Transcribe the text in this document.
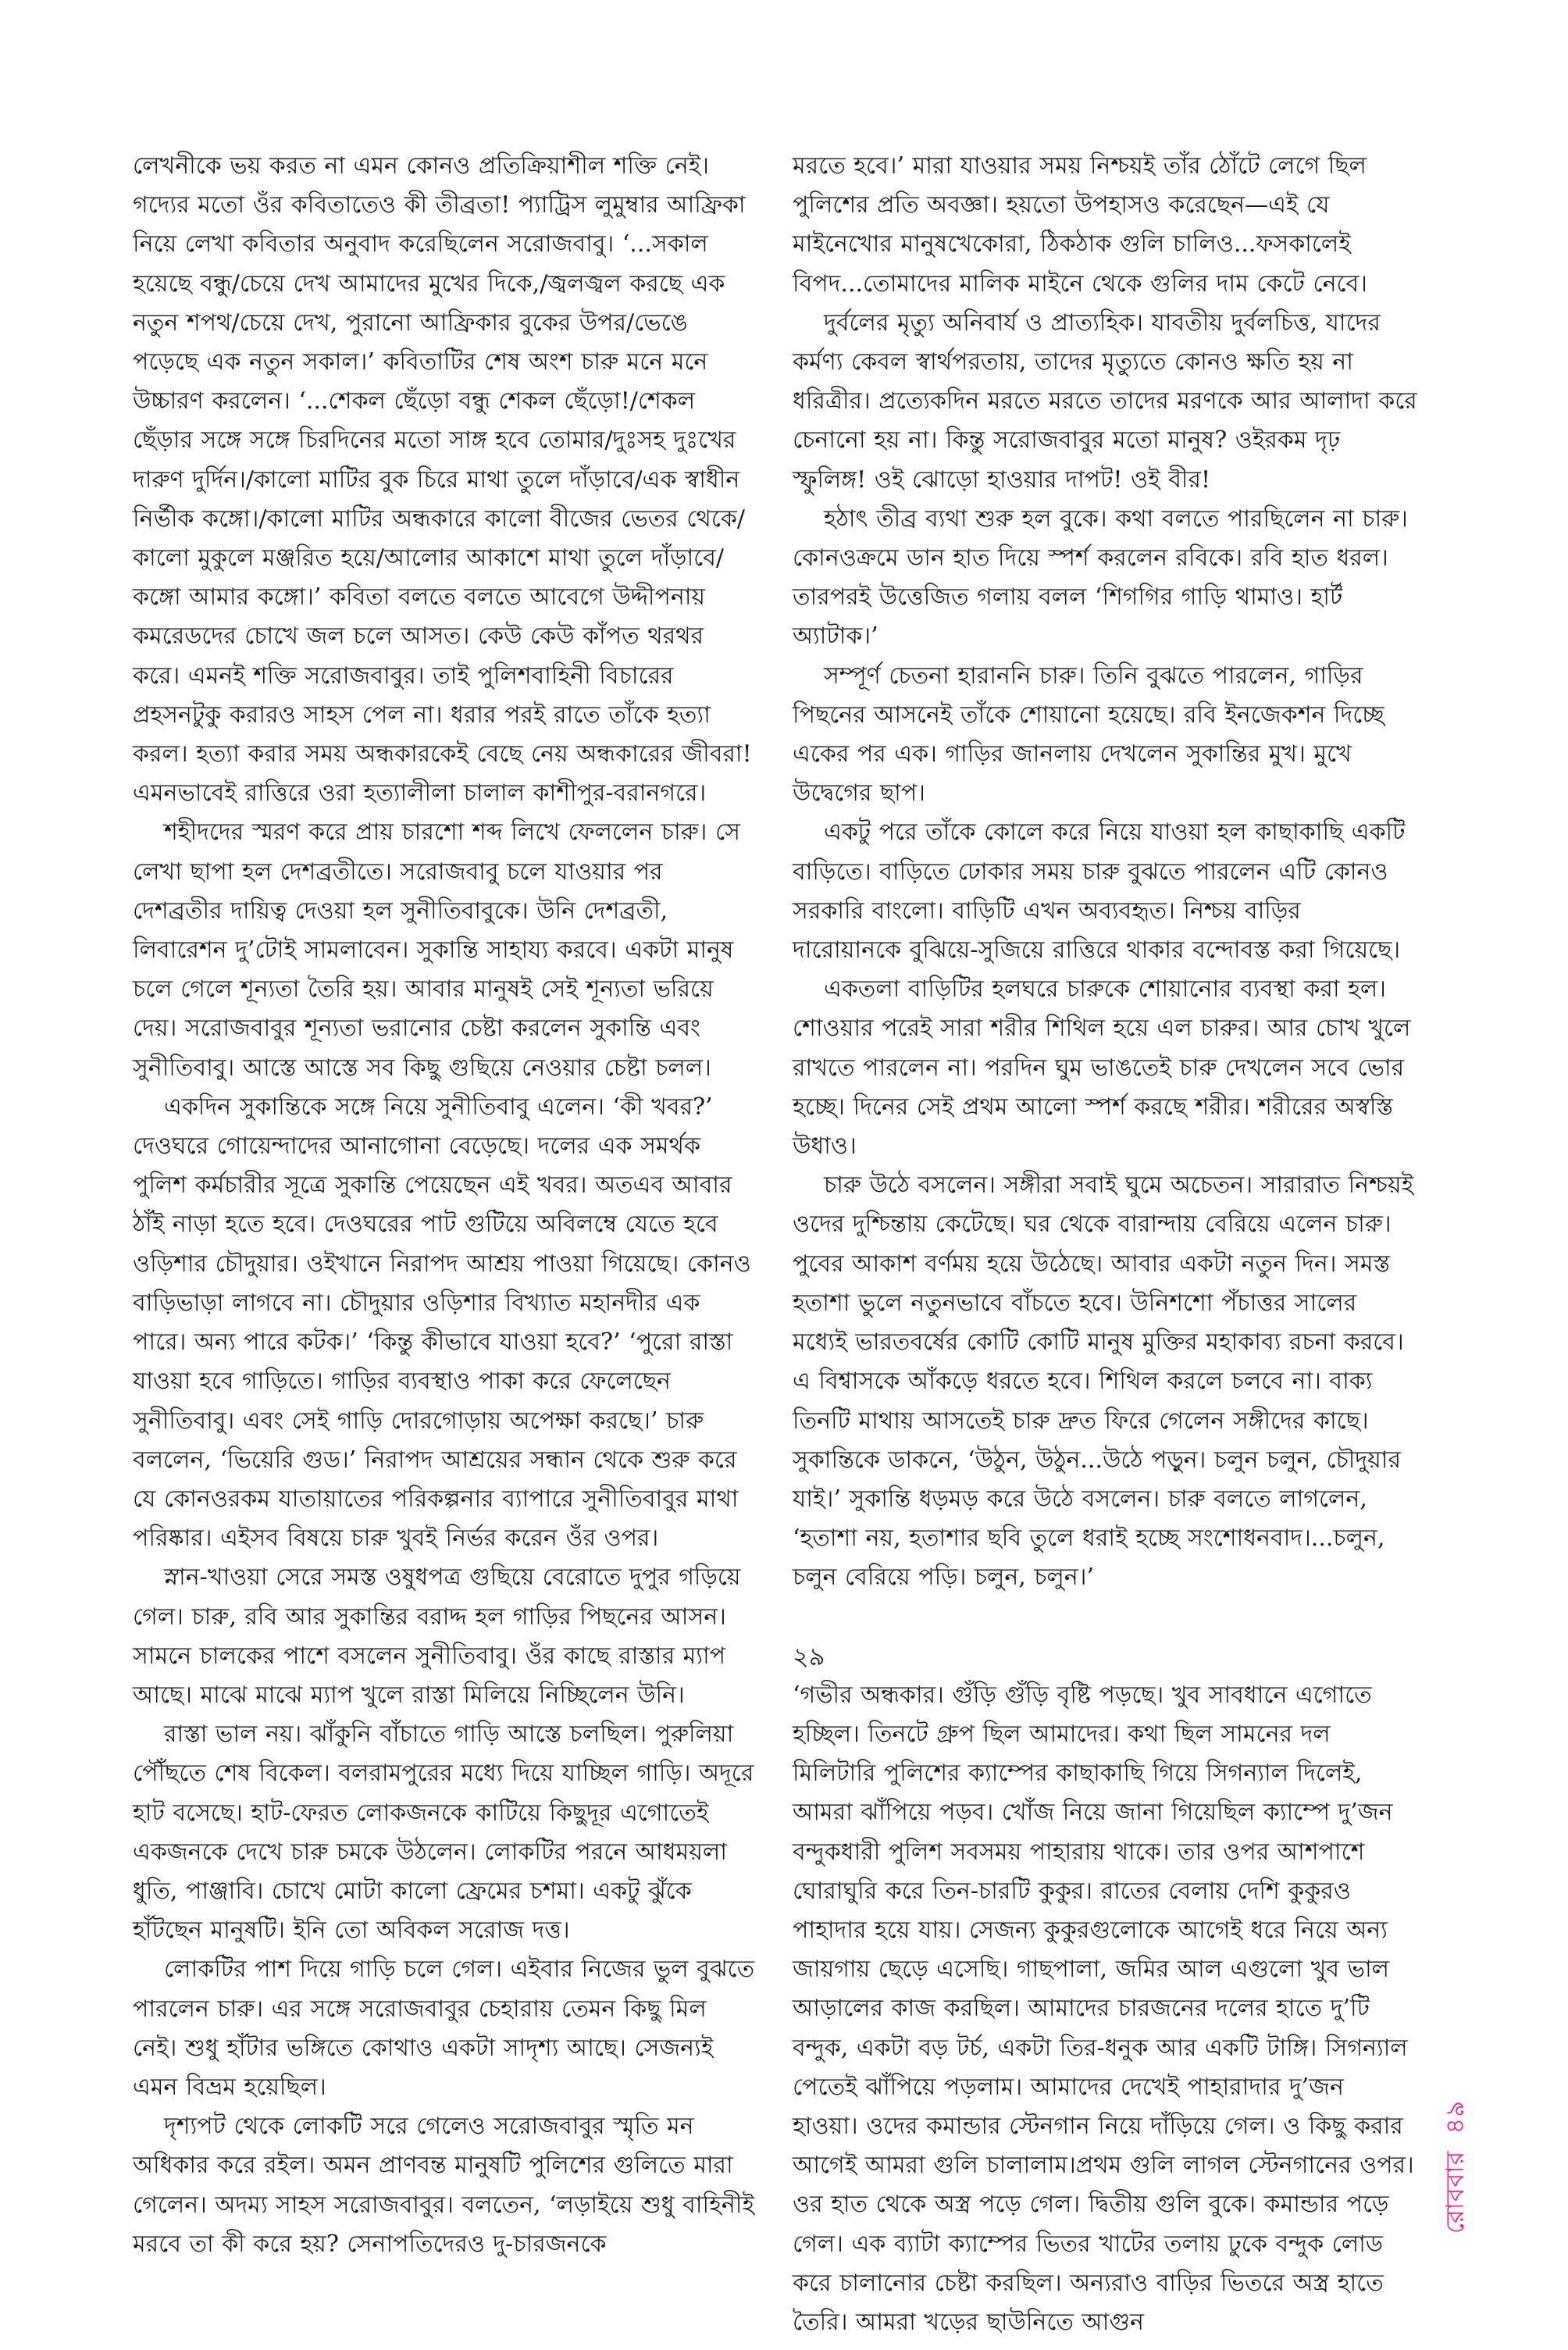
লেখনীকে ভয় করত না এমন কোনও প্রতিক্রিয়াশীল শক্তি নেই। গদ্যের মতো ওঁর কবিতাতেও কী তীব্রতা! প্যাট্রিস লুমুম্বার আফ্রিকা নিয়ে লেখা কবিতার অনুবাদ করেছিলেন সরোজবাবু। ‘...সকাল হয়েছে বন্ধু/চেয়ে দেখ আমাদের মুখের দিকে,/জ্বলজ্বল করছে এক নতুন শপথ/চেয়ে দেখ, পুরানো আফ্রিকার বুকের উপর/ভেঙে পড়েছে এক নতুন সকাল।’ কবিতাটির শেষ অংশ চারু মনে মনে উচ্চারণ করলেন। ‘...শেকল ছেঁড়ো বন্ধু শেকল ছেঁড়ো!/শেকল ছেঁড়ার সঙ্গে সঙ্গে চিরদিনের মতো সাঙ্গ হবে তোমার/দুঃসহ দুঃখের দারুণ দুর্দিন।/কালো মাটির বুক চিরে মাথা তুলে দাঁড়াবে/এক স্বাধীন নির্ভীক কঙ্গো।/কালো মাটির অন্ধকারে কালো বীজের ভেতর থেকে/কালো মুকুলে মঞ্জরিত হয়ে/আলোর আকাশে মাথা তুলে দাঁড়াবে/কঙ্গো আমার কঙ্গো।’ কবিতা বলতে বলতে আবেগে উদ্দীপনায় কমরেডদের চোখে জল চলে আসত। কেউ কেউ কাঁপত থরথর করে। এমনই শক্তি সরোজবাবুর। তাই পুলিশবাহিনী বিচারের প্রহসনটুকু করারও সাহস পেল না। ধরার পরই রাতে তাঁকে হত্যা করল। হত্যা করার সময় অন্ধকারকেই বেছে নেয় অন্ধকারের জীবরা! এমনভাবেই রাত্তিরে ওরা হত্যালীলা চালাল কাশীপুর-বরানগরে।

শহীদদের স্মরণ করে প্রায় চারশো শব্দ লিখে ফেললেন চারু। সে লেখা ছাপা হল দেশব্রতীতে। সরোজবাবু চলে যাওয়ার পর দেশব্রতীর দায়িত্ব দেওয়া হল সুনীতিবাবুকে। উনি দেশব্রতী, লিবারেশন দু’টোই সামলাবেন। সুকান্তি সাহায্য করবে। একটা মানুষ চলে গেলে শূন্যতা তৈরি হয়। আবার মানুষই সেই শূন্যতা ভরিয়ে দেয়। সরোজবাবুর শূন্যতা ভরানোর চেষ্টা করলেন সুকান্তি এবং সুনীতিবাবু। আস্তে আস্তে সব কিছু গুছিয়ে নেওয়ার চেষ্টা চলল।

একদিন সুকান্তিকে সঙ্গে নিয়ে সুনীতিবাবু এলেন। ‘কী খবর?’ দেওঘরে গোয়েন্দাদের আনাগোনা বেড়েছে। দলের এক সমর্থক পুলিশ কর্মচারীর সূত্রে সুকান্তি পেয়েছেন এই খবর। অতএব আবার ঠাঁই নাড়া হতে হবে। দেওঘরের পাট গুটিয়ে অবিলম্বে যেতে হবে ওড়িশার চৌদুয়ার। ওইখানে নিরাপদ আশ্রয় পাওয়া গিয়েছে। কোনও বাড়িভাড়া লাগবে না। চৌদুয়ার ওড়িশার বিখ্যাত মহানদীর এক পারে। অন্য পারে কটক।’ ‘কিন্তু কীভাবে যাওয়া হবে?’ ‘পুরো রাস্তা যাওয়া হবে গাড়িতে। গাড়ির ব্যবস্থাও পাকা করে ফেলেছেন সুনীতিবাবু। এবং সেই গাড়ি দোরগোড়ায় অপেক্ষা করছে।’ চারু বললেন, ‘ভিয়েরি গুড।’ নিরাপদ আশ্রয়ের সন্ধান থেকে শুরু করে যে কোনওরকম যাতায়াতের পরিকল্পনার ব্যাপারে সুনীতিবাবুর মাথা পরিষ্কার। এইসব বিষয়ে চারু খুবই নির্ভর করেন ওঁর ওপর।

স্নান-খাওয়া সেরে সমস্ত ওষুধপত্র গুছিয়ে বেরোতে দুপুর গড়িয়ে গেল। চারু, রবি আর সুকান্তির বরাদ্দ হল গাড়ির পিছনের আসন। সামনে চালকের পাশে বসলেন সুনীতিবাবু। ওঁর কাছে রাস্তার ম্যাপ আছে। মাঝে মাঝে ম্যাপ খুলে রাস্তা মিলিয়ে নিচ্ছিলেন উনি।

রাস্তা ভাল নয়। ঝাঁকুনি বাঁচাতে গাড়ি আস্তে চলছিল। পুরুলিয়া পৌঁছতে শেষ বিকেল। বলরামপুরের মধ্যে দিয়ে যাচ্ছিল গাড়ি। অদূরে হাট বসেছে। হাট-ফেরত লোকজনকে কাটিয়ে কিছুদূর এগোতেই একজনকে দেখে চারু চমকে উঠলেন। লোকটির পরনে আধময়লা ধুতি, পাঞ্জাবি। চোখে মোটা কালো ফ্রেমের চশমা। একটু ঝুঁকে হাঁটছেন মানুষটি। ইনি তো অবিকল সরোজ দত্ত।

লোকটির পাশ দিয়ে গাড়ি চলে গেল। এইবার নিজের ভুল বুঝতে পারলেন চারু। এর সঙ্গে সরোজবাবুর চেহারায় তেমন কিছু মিল নেই। শুধু হাঁটার ভঙ্গিতে কোথাও একটা সাদৃশ্য আছে। সেজন্যই এমন বিভ্রম হয়েছিল।

দৃশ্যপট থেকে লোকটি সরে গেলেও সরোজবাবুর স্মৃতি মন অধিকার করে রইল। অমন প্রাণবন্ত মানুষটি পুলিশের গুলিতে মারা গেলেন। অদম্য সাহস সরোজবাবুর। বলতেন, ‘লড়াইয়ে শুধু বাহিনীই মরবে তা কী করে হয়? সেনাপতিদেরও দু-চারজনকে

মরতে হবে।’ মারা যাওয়ার সময় নিশ্চয়ই তাঁর ঠোঁটে লেগে ছিল পুলিশের প্রতি অবজ্ঞা। হয়তো উপহাসও করেছেন—এই যে মাইনেখোর মানুষখেকোরা, ঠিকঠাক গুলি চালিও...ফসকালেই বিপদ...তোমাদের মালিক মাইনে থেকে গুলির দাম কেটে নেবে।

দুর্বলের মৃত্যু অনিবার্য ও প্রাত্যহিক। যাবতীয় দুর্বলচিত্ত, যাদের কর্মণ্য কেবল স্বার্থপরতায়, তাদের মৃত্যুতে কোনও ক্ষতি হয় না ধরিত্রীর। প্রত্যেকদিন মরতে মরতে তাদের মরণকে আর আলাদা করে চেনানো হয় না। কিন্তু সরোজবাবুর মতো মানুষ? ওইরকম দৃঢ় স্ফুলিঙ্গ! ওই ঝোড়ো হাওয়ার দাপট! ওই বীর!

হঠাৎ তীব্র ব্যথা শুরু হল বুকে। কথা বলতে পারছিলেন না চারু। কোনওক্রমে ডান হাত দিয়ে স্পর্শ করলেন রবিকে। রবি হাত ধরল। তারপরই উত্তেজিত গলায় বলল ‘শিগগির গাড়ি থামাও। হার্ট অ্যাটাক।’

সম্পূর্ণ চেতনা হারাননি চারু। তিনি বুঝতে পারলেন, গাড়ির পিছনের আসনেই তাঁকে শোয়ানো হয়েছে। রবি ইনজেকশন দিচ্ছে একের পর এক। গাড়ির জানলায় দেখলেন সুকান্তির মুখ। মুখে উদ্বেগের ছাপ।

একটু পরে তাঁকে কোলে করে নিয়ে যাওয়া হল কাছাকাছি একটি বাড়িতে। বাড়িতে ঢোকার সময় চারু বুঝতে পারলেন এটি কোনও সরকারি বাংলো। বাড়িটি এখন অব্যবহৃত। নিশ্চয় বাড়ির দারোয়ানকে বুঝিয়ে-সুজিয়ে রাত্তিরে থাকার বন্দোবস্ত করা গিয়েছে।

একতলা বাড়িটির হলঘরে চারুকে শোয়ানোর ব্যবস্থা করা হল। শোওয়ার পরেই সারা শরীর শিথিল হয়ে এল চারুর। আর চোখ খুলে রাখতে পারলেন না। পরদিন ঘুম ভাঙতেই চারু দেখলেন সবে ভোর হচ্ছে। দিনের সেই প্রথম আলো স্পর্শ করছে শরীর। শরীরের অস্বস্তি উধাও।

চারু উঠে বসলেন। সঙ্গীরা সবাই ঘুমে অচেতন। সারারাত নিশ্চয়ই ওদের দুশ্চিন্তায় কেটেছে। ঘর থেকে বারান্দায় বেরিয়ে এলেন চারু। পুবের আকাশ বর্ণময় হয়ে উঠেছে। আবার একটা নতুন দিন। সমস্ত হতাশা ভুলে নতুনভাবে বাঁচতে হবে। উনিশশো পঁচাত্তর সালের মধ্যেই ভারতবর্ষের কোটি কোটি মানুষ মুক্তির মহাকাব্য রচনা করবে। এ বিশ্বাসকে আঁকড়ে ধরতে হবে। শিথিল করলে চলবে না। বাক্য তিনটি মাথায় আসতেই চারু দ্রুত ফিরে গেলেন সঙ্গীদের কাছে। সুকান্তিকে ডাকনে, ‘উঠুন, উঠুন...উঠে পড়ুন। চলুন চলুন, চৌদুয়ার যাই।’ সুকান্তি ধড়মড় করে উঠে বসলেন। চারু বলতে লাগলেন, ‘হতাশা নয়, হতাশার ছবি তুলে ধরাই হচ্ছে সংশোধনবাদ।...চলুন, চলুন বেরিয়ে পড়ি। চলুন, চলুন।’

২৯

‘গভীর অন্ধকার। গুঁড়ি গুঁড়ি বৃষ্টি পড়ছে। খুব সাবধানে এগোতে হচ্ছিল। তিনটে গ্রুপ ছিল আমাদের। কথা ছিল সামনের দল মিলিটারি পুলিশের ক্যাম্পের কাছাকাছি গিয়ে সিগন্যাল দিলেই, আমরা ঝাঁপিয়ে পড়ব। খোঁজ নিয়ে জানা গিয়েছিল ক্যাম্পে দু’জন বন্দুকধারী পুলিশ সবসময় পাহারায় থাকে। তার ওপর আশপাশে ঘোরাঘুরি করে তিন-চারটি কুকুর। রাতের বেলায় দেশি কুকুরও পাহাদার হয়ে যায়। সেজন্য কুকুরগুলোকে আগেই ধরে নিয়ে অন্য জায়গায় ছেড়ে এসেছি। গাছপালা, জমির আল এগুলো খুব ভাল আড়ালের কাজ করছিল। আমাদের চারজনের দলের হাতে দু’টি বন্দুক, একটা বড় টর্চ, একটা তির-ধনুক আর একটি টাঙ্গি। সিগন্যাল পেতেই ঝাঁপিয়ে পড়লাম। আমাদের দেখেই পাহারাদার দু’জন হাওয়া। ওদের কমান্ডার স্টেনগান নিয়ে দাঁড়িয়ে গেল। ও কিছু করার আগেই আমরা গুলি চালালাম।প্রথম গুলি লাগল স্টেনগানের ওপর। ওর হাত থেকে অস্ত্র পড়ে গেল। দ্বিতীয় গুলি বুকে। কমান্ডার পড়ে গেল। এক ব্যাটা ক্যাম্পের ভিতর খাটের তলায় ঢুকে বন্দুক লোড করে চালানোর চেষ্টা করছিল। অন্যরাও বাড়ির ভিতরে অস্ত্র হাতে তৈরি। আমরা খড়ের ছাউনিতে আগুন

রোববার ৪৯
